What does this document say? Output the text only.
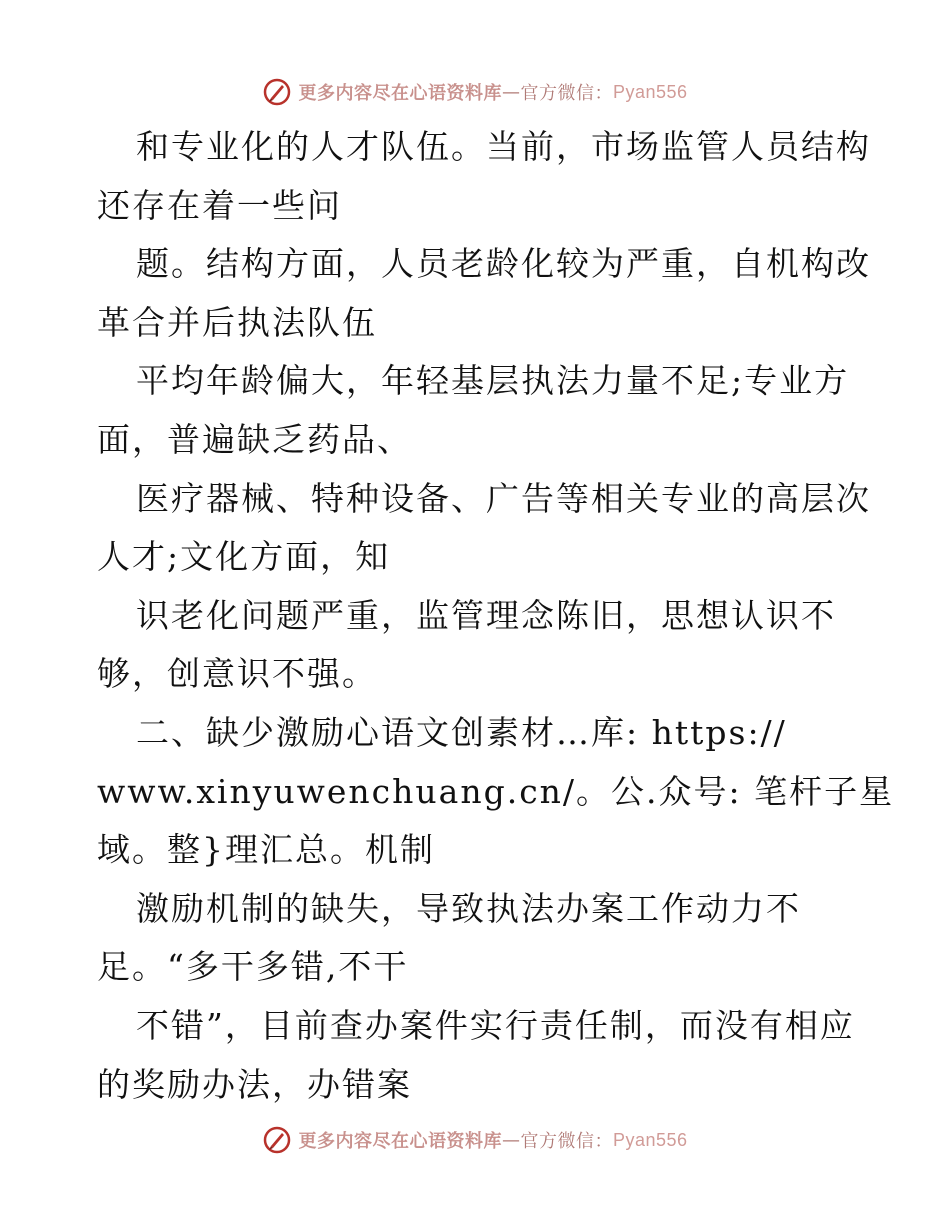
更多内容尽在心语资料库 — 官方微信： Pyan556
和专业化的人才队伍。当前，市场监管人员结构
还存在着一些问
题。结构方面，人员老龄化较为严重，自机构改
革合并后执法队伍
平均年龄偏大，年轻基层执法力量不足;专业方
面，普遍缺乏药品、
医疗器械、特种设备、广告等相关专业的高层次
人才;文化方面，知
识老化问题严重，监管理念陈旧，思想认识不
够，创意识不强。
二、缺少激励心语文创素材…库: https://
www.xinyuwenchuang.cn/。公.众号: 笔杆子星
域。整}理汇总。机制
激励机制的缺失，导致执法办案工作动力不
足。“多干多错,不干
不错”，目前查办案件实行责任制，而没有相应
的奖励办法，办错案
更多内容尽在心语资料库 — 官方微信： Pyan556
